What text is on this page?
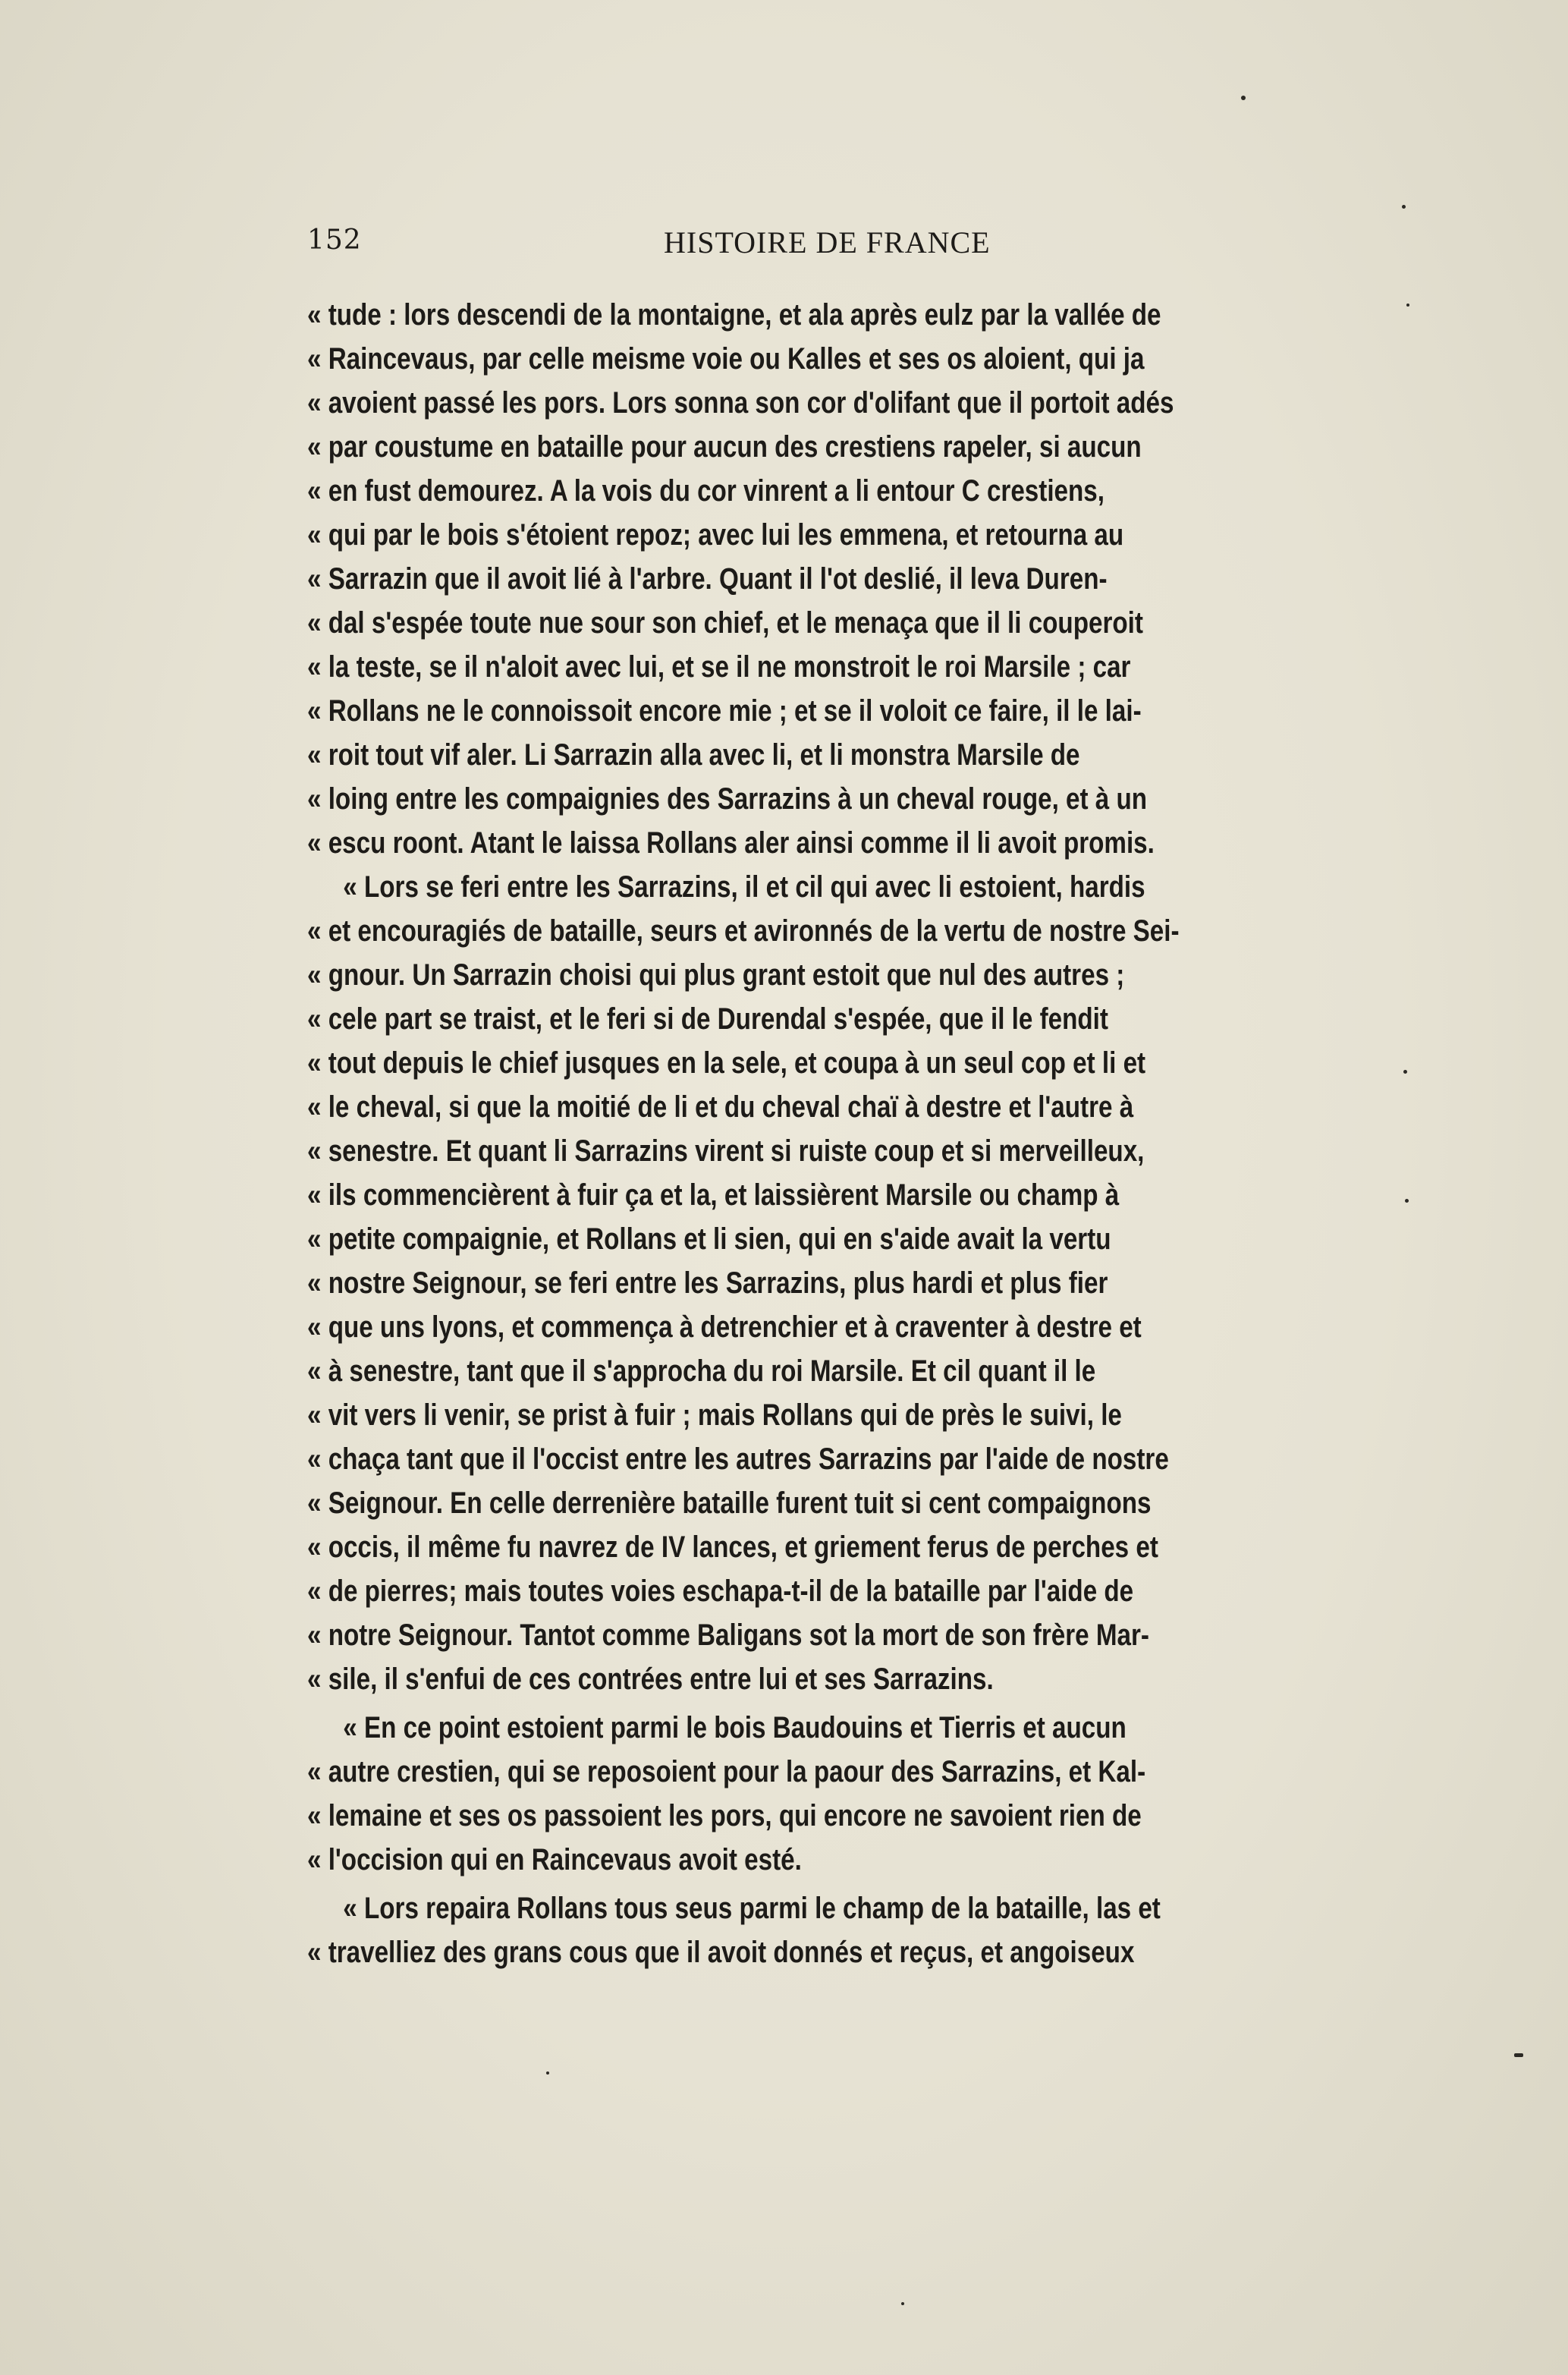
152	HISTOIRE DE FRANCE
« tude : lors descendi de la montaigne, et ala après eulz par la vallée de
« Raincevaus, par celle meisme voie ou Kalles et ses os aloient, qui ja
« avoient passé les pors. Lors sonna son cor d'olifant que il portoit adés
« par coustume en bataille pour aucun des crestiens rapeler, si aucun
« en fust demourez. A la vois du cor vinrent a li entour C crestiens,
« qui par le bois s'étoient repoz; avec lui les emmena, et retourna au
« Sarrazin que il avoit lié à l'arbre. Quant il l'ot deslié, il leva Duren-
« dal s'espée toute nue sour son chief, et le menaça que il li couperoit
« la teste, se il n'aloit avec lui, et se il ne monstroit le roi Marsile ; car
« Rollans ne le connoissoit encore mie ; et se il voloit ce faire, il le lai-
« roit tout vif aler. Li Sarrazin alla avec li, et li monstra Marsile de
« loing entre les compaignies des Sarrazins à un cheval rouge, et à un
« escu roont. Atant le laissa Rollans aler ainsi comme il li avoit promis.
« Lors se feri entre les Sarrazins, il et cil qui avec li estoient, hardis
« et encouragiés de bataille, seurs et avironnés de la vertu de nostre Sei-
« gnour. Un Sarrazin choisi qui plus grant estoit que nul des autres ;
« cele part se traist, et le feri si de Durendal s'espée, que il le fendit
« tout depuis le chief jusques en la sele, et coupa à un seul cop et li et
« le cheval, si que la moitié de li et du cheval chaï à destre et l'autre à
« senestre. Et quant li Sarrazins virent si ruiste coup et si merveilleux,
« ils commencièrent à fuir ça et la, et laissièrent Marsile ou champ à
« petite compaignie, et Rollans et li sien, qui en s'aide avait la vertu
« nostre Seignour, se feri entre les Sarrazins, plus hardi et plus fier
« que uns lyons, et commença à detrenchier et à craventer à destre et
« à senestre, tant que il s'approcha du roi Marsile. Et cil quant il le
« vit vers li venir, se prist à fuir ; mais Rollans qui de près le suivi, le
« chaça tant que il l'occist entre les autres Sarrazins par l'aide de nostre
« Seignour. En celle derrenière bataille furent tuit si cent compaignons
« occis, il même fu navrez de IV lances, et griement ferus de perches et
« de pierres; mais toutes voies eschapa-t-il de la bataille par l'aide de
« notre Seignour. Tantot comme Baligans sot la mort de son frère Mar-
« sile, il s'enfui de ces contrées entre lui et ses Sarrazins.
« En ce point estoient parmi le bois Baudouins et Tierris et aucun
« autre crestien, qui se reposoient pour la paour des Sarrazins, et Kal-
« lemaine et ses os passoient les pors, qui encore ne savoient rien de
« l'occision qui en Raincevaus avoit esté.
« Lors repaira Rollans tous seus parmi le champ de la bataille, las et
« travelliez des grans cous que il avoit donnés et reçus, et angoiseux
